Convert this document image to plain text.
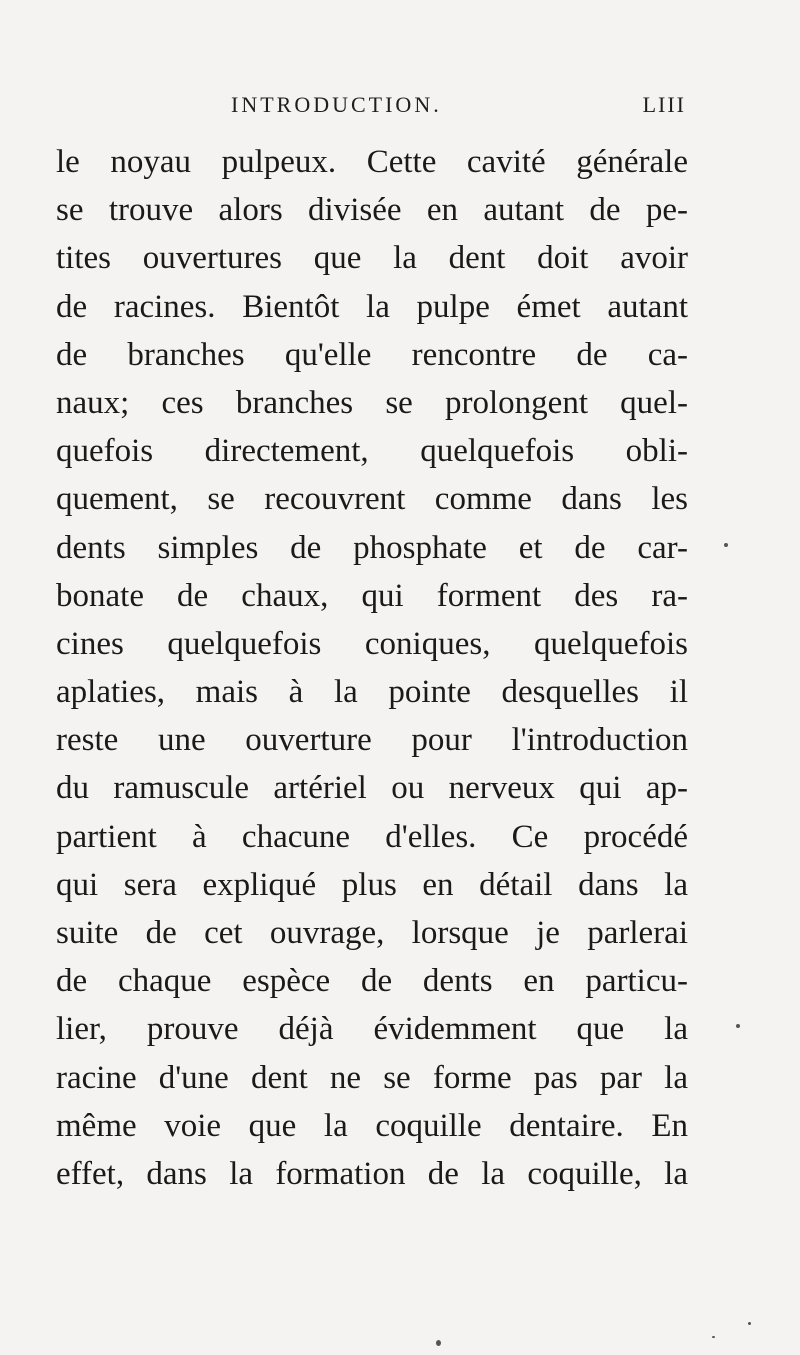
INTRODUCTION.	LIII
le noyau pulpeux. Cette cavité générale
se trouve alors divisée en autant de pe-
tites ouvertures que la dent doit avoir
de racines. Bientôt la pulpe émet autant
de branches qu'elle rencontre de ca-
naux; ces branches se prolongent quel-
quefois directement, quelquefois obli-
quement, se recouvrent comme dans les
dents simples de phosphate et de car-
bonate de chaux, qui forment des ra-
cines quelquefois coniques, quelquefois
aplaties, mais à la pointe desquelles il
reste une ouverture pour l'introduction
du ramuscule artériel ou nerveux qui ap-
partient à chacune d'elles. Ce procédé
qui sera expliqué plus en détail dans la
suite de cet ouvrage, lorsque je parlerai
de chaque espèce de dents en particu-
lier, prouve déjà évidemment que la
racine d'une dent ne se forme pas par la
même voie que la coquille dentaire. En
effet, dans la formation de la coquille, la
